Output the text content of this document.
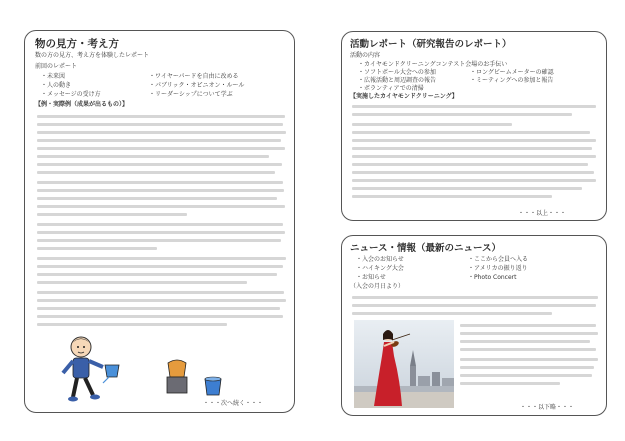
物の見方・考え方
数の方の見方、考え方を体験したレポート
前回のレポート
・未来図
・人の動き
・メッセージの受け方
・ワイヤーパードを自由に改める
・パブリック・オピニオン・ルール
・リーダーシップについて学ぶ
【例・実際例（成果が出るもの）】
・・・次へ続く・・・
活動レポート（研究報告のレポート）
活動の内容
・カイヤモンドクリーニングコンテスト会場のお手伝い
・ソフトボール大会への参加
・広報活動と周辺調査の報告
・ボランティアでの清掃
・ロングビームメーターの確認
・ミーティングへの参加と報告
【実施したカイヤモンドクリーニング】
・・・以上・・・
ニュース・情報（最新のニュース）
・入会のお知らせ
・ハイキング大会
・お知らせ
・ここから会員へ入る
・アメリカの振り返り
・Photo Concert
（入会の月日より）
・・・以下略・・・
